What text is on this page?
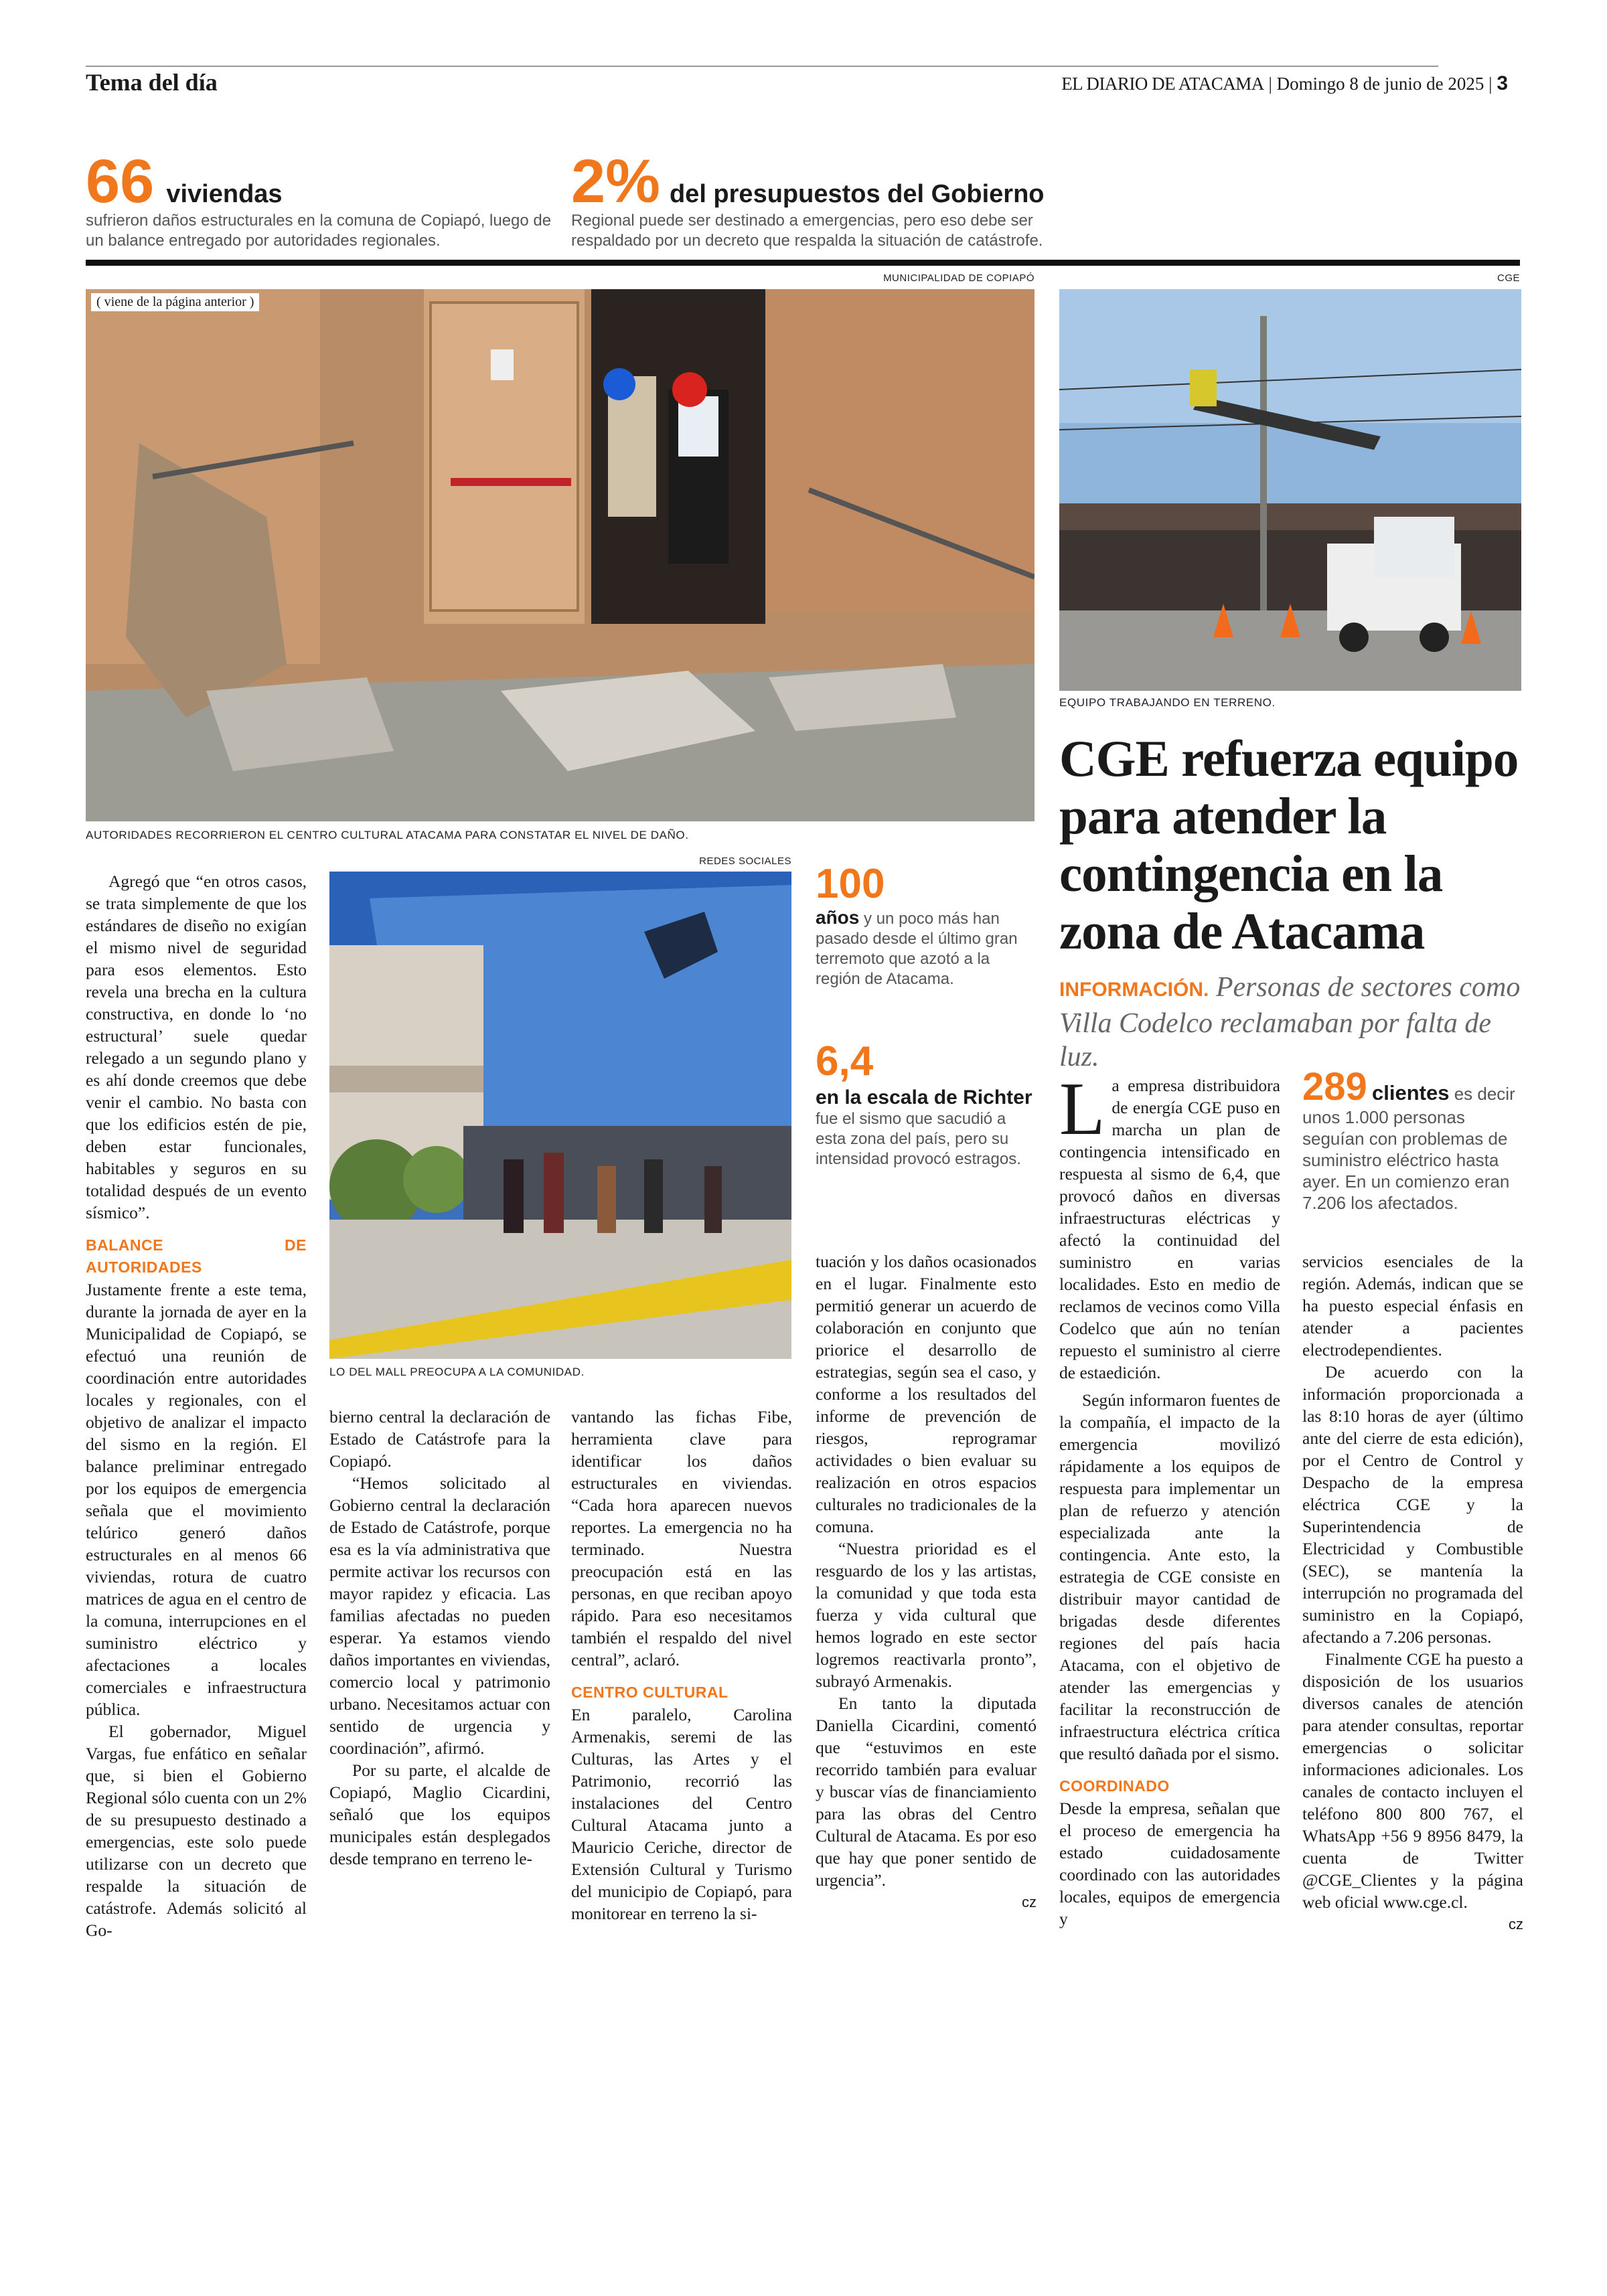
Tema del día	EL DIARIO DE ATACAMA | Domingo 8 de junio de 2025 | 3
66 viviendas
sufrieron daños estructurales en la comuna de Copiapó, luego de un balance entregado por autoridades regionales.
2% del presupuestos del Gobierno
Regional puede ser destinado a emergencias, pero eso debe ser respaldado por un decreto que respalda la situación de catástrofe.
MUNICIPALIDAD DE COPIAPÓ
( viene de la página anterior )
AUTORIDADES RECORRIERON EL CENTRO CULTURAL ATACAMA PARA CONSTATAR EL NIVEL DE DAÑO.
CGE
EQUIPO TRABAJANDO EN TERRENO.
REDES SOCIALES
LO DEL MALL PREOCUPA A LA COMUNIDAD.
100
años y un poco más han pasado desde el último gran terremoto que azotó a la región de Atacama.
6,4
en la escala de Richter
fue el sismo que sacudió a esta zona del país, pero su intensidad provocó estragos.

Agregó que “en otros casos, se trata simplemente de que los estándares de diseño no exigían el mismo nivel de seguridad para esos elementos. Esto revela una brecha en la cultura constructiva, en donde lo ‘no estructural’ suele quedar relegado a un segundo plano y es ahí donde creemos que debe venir el cambio. No basta con que los edificios estén de pie, deben estar funcionales, habitables y seguros en su totalidad después de un evento sísmico”.

BALANCE DE AUTORIDADES

Justamente frente a este tema, durante la jornada de ayer en la Municipalidad de Copiapó, se efectuó una reunión de coordinación entre autoridades locales y regionales, con el objetivo de analizar el impacto del sismo en la región. El balance preliminar entregado por los equipos de emergencia señala que el movimiento telúrico generó daños estructurales en al menos 66 viviendas, rotura de cuatro matrices de agua en el centro de la comuna, interrupciones en el suministro eléctrico y afectaciones a locales comerciales e infraestructura pública.

El gobernador, Miguel Vargas, fue enfático en señalar que, si bien el Gobierno Regional sólo cuenta con un 2% de su presupuesto destinado a emergencias, este solo puede utilizarse con un decreto que respalde la situación de catástrofe. Además solicitó al Go-

bierno central la declaración de Estado de Catástrofe para la Copiapó.

“Hemos solicitado al Gobierno central la declaración de Estado de Catástrofe, porque esa es la vía administrativa que permite activar los recursos con mayor rapidez y eficacia. Las familias afectadas no pueden esperar. Ya estamos viendo daños importantes en viviendas, comercio local y patrimonio urbano. Necesitamos actuar con sentido de urgencia y coordinación”, afirmó.

Por su parte, el alcalde de Copiapó, Maglio Cicardini, señaló que los equipos municipales están desplegados desde temprano en terreno le-

vantando las fichas Fibe, herramienta clave para identificar los daños estructurales en viviendas. “Cada hora aparecen nuevos reportes. La emergencia no ha terminado. Nuestra preocupación está en las personas, en que reciban apoyo rápido. Para eso necesitamos también el respaldo del nivel central”, aclaró.

CENTRO CULTURAL

En paralelo, Carolina Armenakis, seremi de las Culturas, las Artes y el Patrimonio, recorrió las instalaciones del Centro Cultural Atacama junto a Mauricio Ceriche, director de Extensión Cultural y Turismo del municipio de Copiapó, para monitorear en terreno la si-

tuación y los daños ocasionados en el lugar. Finalmente esto permitió generar un acuerdo de colaboración en conjunto que priorice el desarrollo de estrategias, según sea el caso, y conforme a los resultados del informe de prevención de riesgos, reprogramar actividades o bien evaluar su realización en otros espacios culturales no tradicionales de la comuna.

“Nuestra prioridad es el resguardo de los y las artistas, la comunidad y que toda esta fuerza y vida cultural que hemos logrado en este sector logremos reactivarla pronto”, subrayó Armenakis.

En tanto la diputada Daniella Cicardini, comentó que “estuvimos en este recorrido también para evaluar y buscar vías de financiamiento para las obras del Centro Cultural de Atacama. Es por eso que hay que poner sentido de urgencia”.

cz
CGE refuerza equipo para atender la contingencia en la zona de Atacama
INFORMACIÓN. Personas de sectores como Villa Codelco reclamaban por falta de luz.

La empresa distribuidora de energía CGE puso en marcha un plan de contingencia intensificado en respuesta al sismo de 6,4, que provocó daños en diversas infraestructuras eléctricas y afectó la continuidad del suministro en varias localidades. Esto en medio de reclamos de vecinos como Villa Codelco que aún no tenían repuesto el suministro al cierre de estaedición.

Según informaron fuentes de la compañía, el impacto de la emergencia movilizó rápidamente a los equipos de respuesta para implementar un plan de refuerzo y atención especializada ante la contingencia. Ante esto, la estrategia de CGE consiste en distribuir mayor cantidad de brigadas desde diferentes regiones del país hacia Atacama, con el objetivo de atender las emergencias y facilitar la reconstrucción de infraestructura eléctrica crítica que resultó dañada por el sismo.

COORDINADO

Desde la empresa, señalan que el proceso de emergencia ha estado cuidadosamente coordinado con las autoridades locales, equipos de emergencia y

289 clientes es decir unos 1.000 personas seguían con problemas de suministro eléctrico hasta ayer. En un comienzo eran 7.206 los afectados.

servicios esenciales de la región. Además, indican que se ha puesto especial énfasis en atender a pacientes electrodependientes.

De acuerdo con la información proporcionada a las 8:10 horas de ayer (último ante del cierre de esta edición), por el Centro de Control y Despacho de la empresa eléctrica CGE y la Superintendencia de Electricidad y Combustible (SEC), se mantenía la interrupción no programada del suministro en la Copiapó, afectando a 7.206 personas.

Finalmente CGE ha puesto a disposición de los usuarios diversos canales de atención para atender consultas, reportar emergencias o solicitar informaciones adicionales. Los canales de contacto incluyen el teléfono 800 800 767, el WhatsApp +56 9 8956 8479, la cuenta de Twitter @CGE_Clientes y la página web oficial www.cge.cl.

cz
